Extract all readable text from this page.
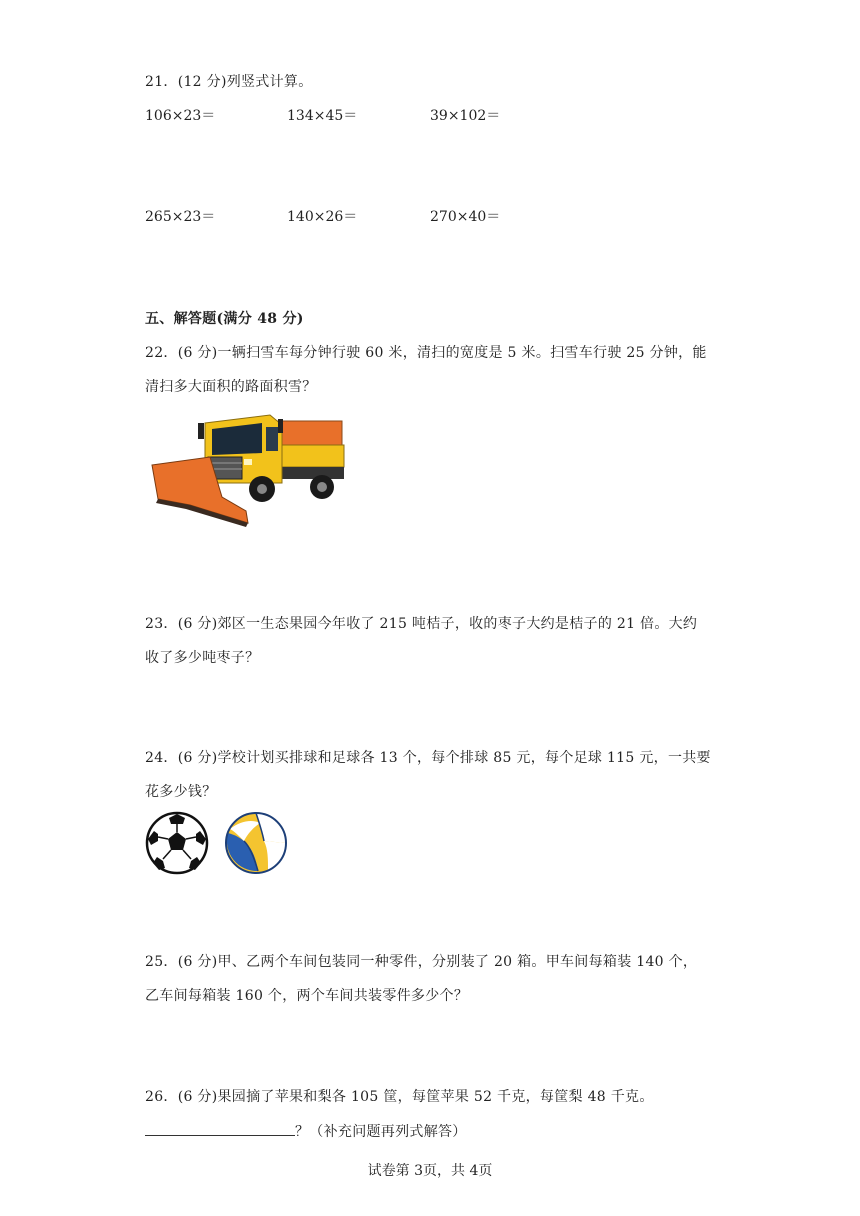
21．(12 分)列竖式计算。
106×23＝	134×45＝	39×102＝
265×23＝	140×26＝	270×40＝
五、解答题(满分 48 分)
22．(6 分)一辆扫雪车每分钟行驶 60 米，清扫的宽度是 5 米。扫雪车行驶 25 分钟，能
清扫多大面积的路面积雪？
23．(6 分)郊区一生态果园今年收了 215 吨桔子，收的枣子大约是桔子的 21 倍。大约
收了多少吨枣子？
24．(6 分)学校计划买排球和足球各 13 个，每个排球 85 元，每个足球 115 元，一共要
花多少钱？
25．(6 分)甲、乙两个车间包装同一种零件，分别装了 20 箱。甲车间每箱装 140 个，
乙车间每箱装 160 个，两个车间共装零件多少个？
26．(6 分)果园摘了苹果和梨各 105 筐，每筐苹果 52 千克，每筐梨 48 千克。
？（补充问题再列式解答）
试卷第 3页，共 4页
